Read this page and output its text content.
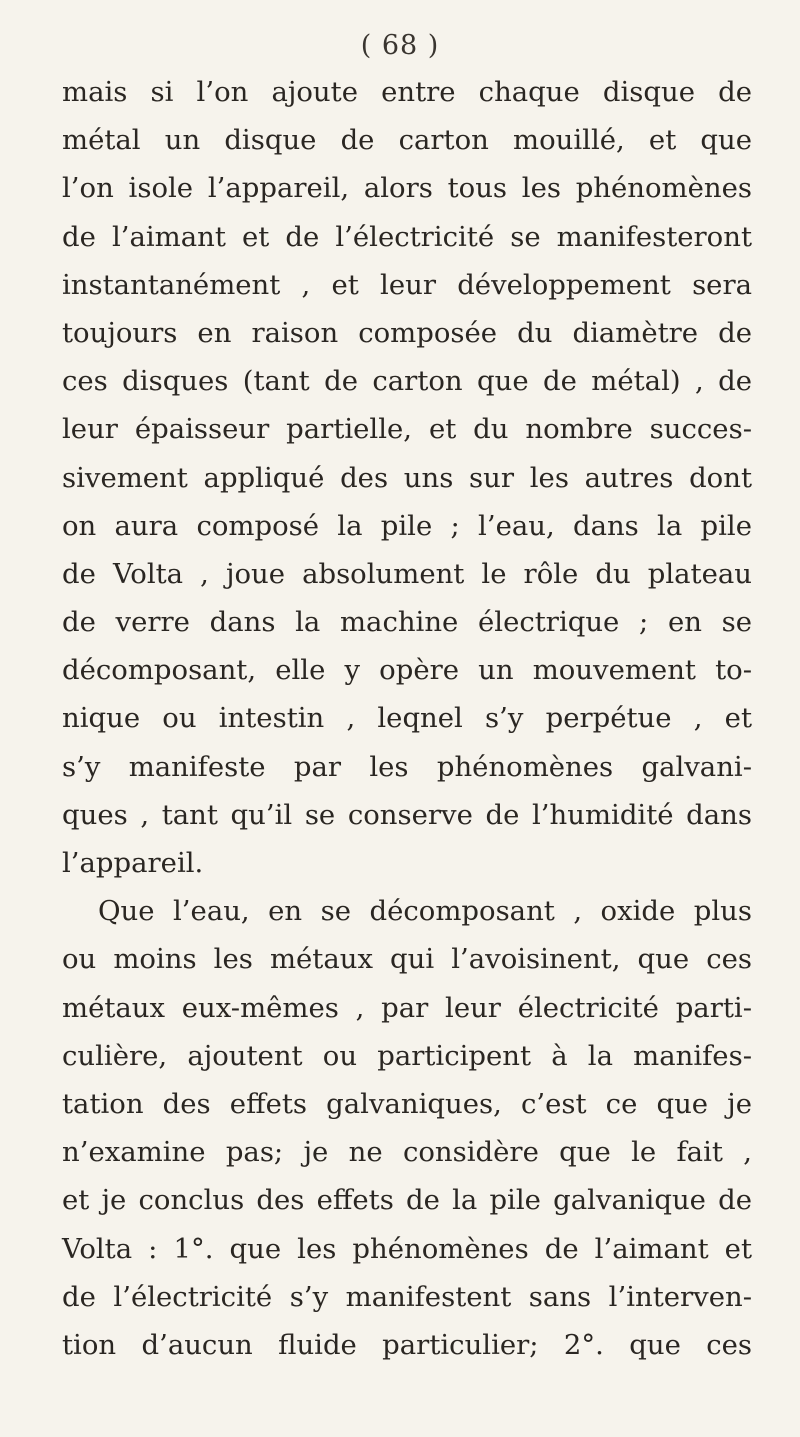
( 68 )
mais si l’on ajoute entre chaque disque de
métal un disque de carton mouillé, et que
l’on isole l’appareil, alors tous les phénomènes
de l’aimant et de l’électricité se manifesteront
instantanément , et leur développement sera
toujours en raison composée du diamètre de
ces disques (tant de carton que de métal) , de
leur épaisseur partielle, et du nombre succes-
sivement appliqué des uns sur les autres dont
on aura composé la pile ; l’eau, dans la pile
de Volta , joue absolument le rôle du plateau
de verre dans la machine électrique ; en se
décomposant, elle y opère un mouvement to-
nique ou intestin , leqnel s’y perpétue , et
s’y manifeste par les phénomènes galvani-
ques , tant qu’il se conserve de l’humidité dans
l’appareil.
Que l’eau, en se décomposant , oxide plus
ou moins les métaux qui l’avoisinent, que ces
métaux eux-mêmes , par leur électricité parti-
culière, ajoutent ou participent à la manifes-
tation des effets galvaniques, c’est ce que je
n’examine pas; je ne considère que le fait ,
et je conclus des effets de la pile galvanique de
Volta : 1°. que les phénomènes de l’aimant et
de l’électricité s’y manifestent sans l’interven-
tion d’aucun fluide particulier; 2°. que ces
